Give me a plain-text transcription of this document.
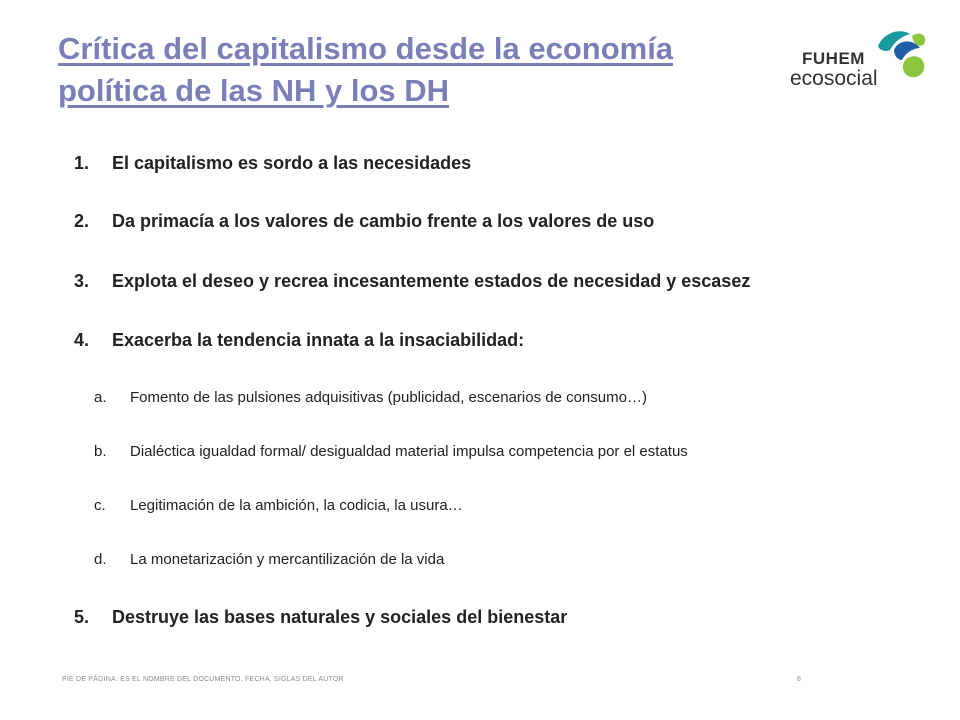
Crítica del capitalismo desde la economía
política de las NH y los DH
FUHEM
ecosocial
1. El capitalismo es sordo a las necesidades
2. Da primacía a los valores de cambio frente a los valores de uso
3. Explota el deseo y recrea incesantemente estados de necesidad y escasez
4. Exacerba la tendencia innata a la insaciabilidad:
a. Fomento de las pulsiones adquisitivas (publicidad, escenarios de consumo…)
b. Dialéctica igualdad formal/ desigualdad material impulsa competencia por el estatus
c. Legitimación de la ambición, la codicia, la usura…
d. La monetarización y mercantilización de la vida
5. Destruye las bases naturales y sociales del bienestar
PIE DE PÁGINA: ES EL NOMBRE DEL DOCUMENTO, FECHA, SIGLAS DEL AUTOR	8
